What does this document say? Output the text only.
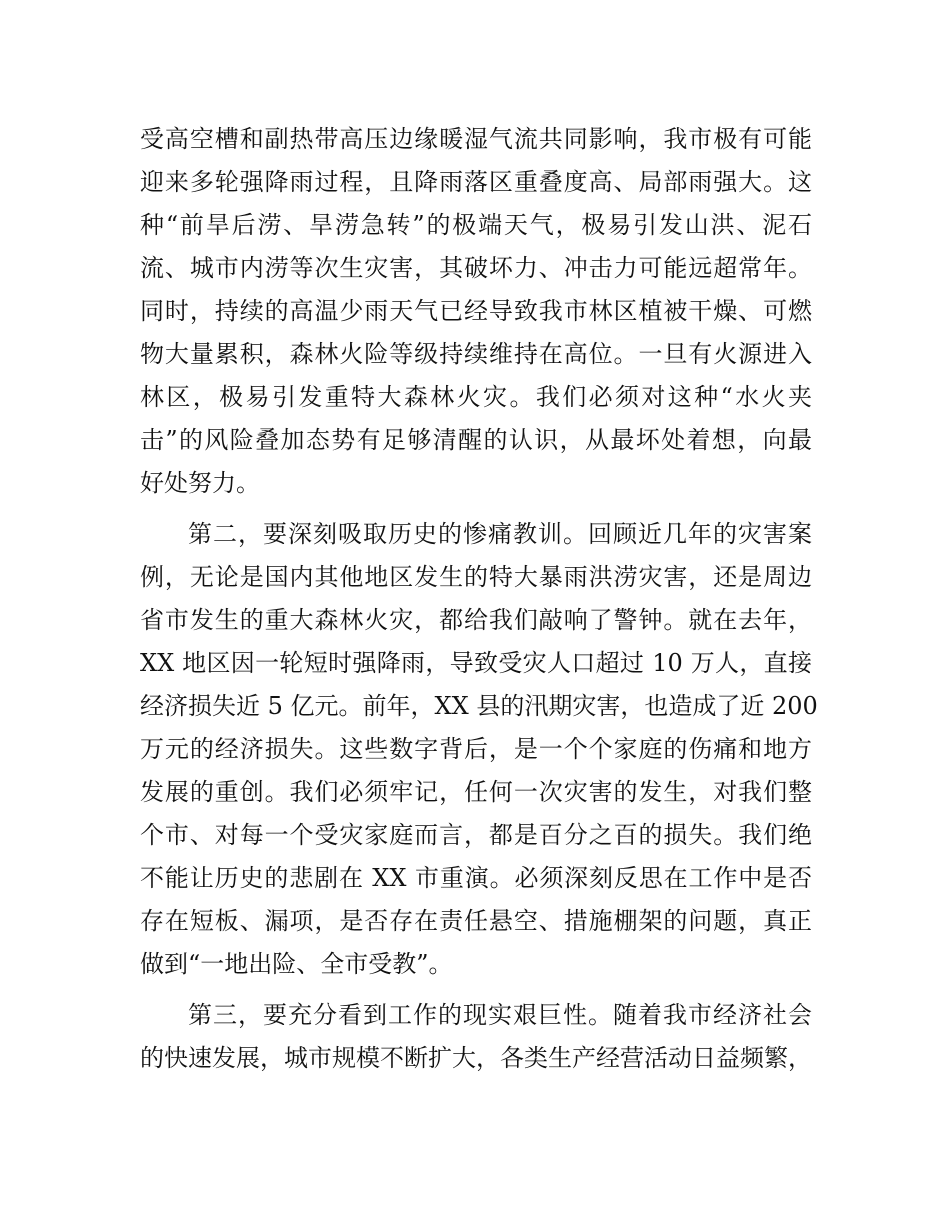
受高空槽和副热带高压边缘暖湿气流共同影响，我市极有可能
迎来多轮强降雨过程，且降雨落区重叠度高、局部雨强大。这
种“前旱后涝、旱涝急转”的极端天气，极易引发山洪、泥石
流、城市内涝等次生灾害，其破坏力、冲击力可能远超常年。
同时，持续的高温少雨天气已经导致我市林区植被干燥、可燃
物大量累积，森林火险等级持续维持在高位。一旦有火源进入
林区，极易引发重特大森林火灾。我们必须对这种“水火夹
击”的风险叠加态势有足够清醒的认识，从最坏处着想，向最
好处努力。
第二，要深刻吸取历史的惨痛教训。回顾近几年的灾害案
例，无论是国内其他地区发生的特大暴雨洪涝灾害，还是周边
省市发生的重大森林火灾，都给我们敲响了警钟。就在去年，
XX 地区因一轮短时强降雨，导致受灾人口超过 10 万人，直接
经济损失近 5 亿元。前年，XX 县的汛期灾害，也造成了近 200
万元的经济损失。这些数字背后，是一个个家庭的伤痛和地方
发展的重创。我们必须牢记，任何一次灾害的发生，对我们整
个市、对每一个受灾家庭而言，都是百分之百的损失。我们绝
不能让历史的悲剧在 XX 市重演。必须深刻反思在工作中是否
存在短板、漏项，是否存在责任悬空、措施棚架的问题，真正
做到“一地出险、全市受教”。
第三，要充分看到工作的现实艰巨性。随着我市经济社会
的快速发展，城市规模不断扩大，各类生产经营活动日益频繁，
